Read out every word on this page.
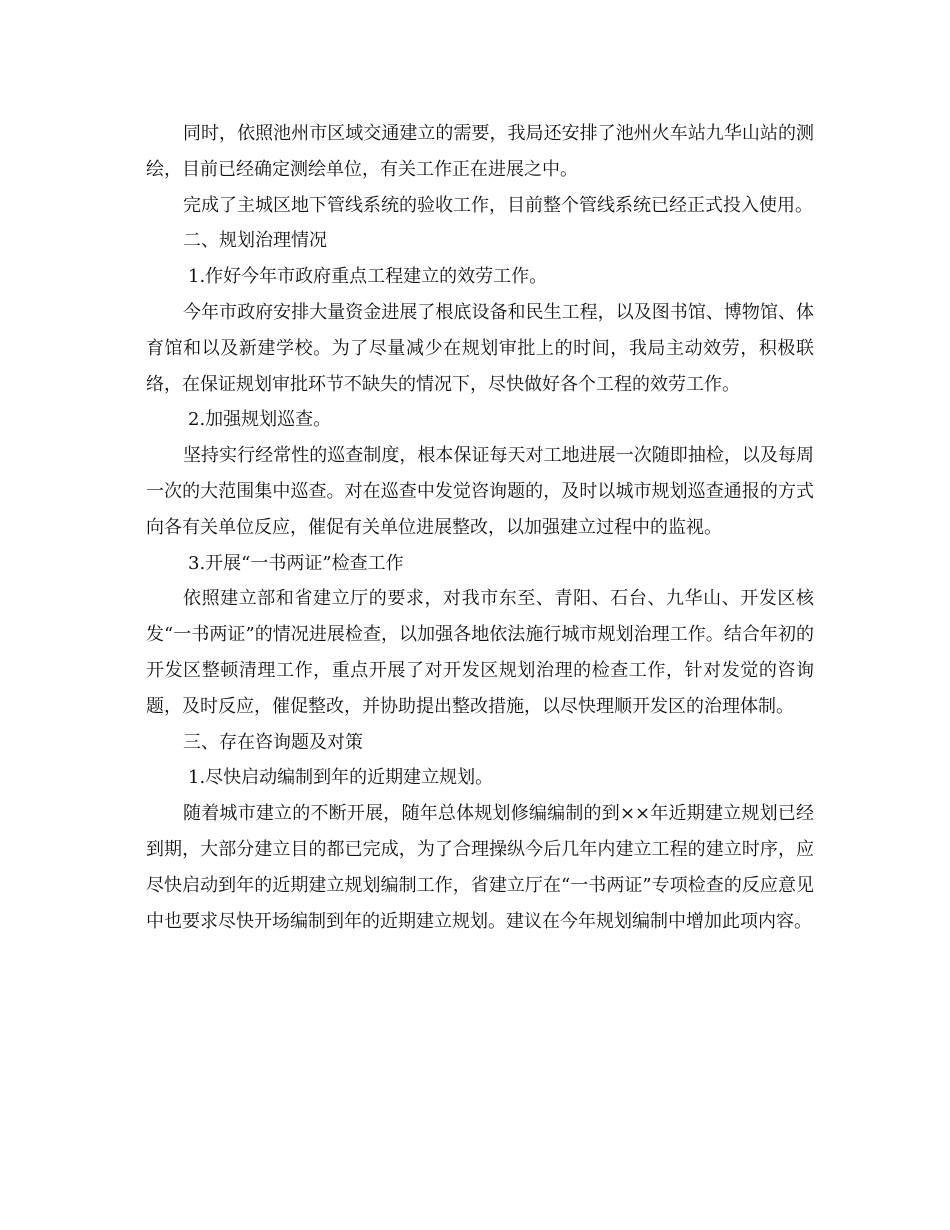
同时，依照池州市区域交通建立的需要，我局还安排了池州火车站九华山站的测绘，目前已经确定测绘单位，有关工作正在进展之中。

完成了主城区地下管线系统的验收工作，目前整个管线系统已经正式投入使用。

二、规划治理情况

1.作好今年市政府重点工程建立的效劳工作。

今年市政府安排大量资金进展了根底设备和民生工程，以及图书馆、博物馆、体育馆和以及新建学校。为了尽量减少在规划审批上的时间，我局主动效劳，积极联络，在保证规划审批环节不缺失的情况下，尽快做好各个工程的效劳工作。

2.加强规划巡查。

坚持实行经常性的巡查制度，根本保证每天对工地进展一次随即抽检，以及每周一次的大范围集中巡查。对在巡查中发觉咨询题的，及时以城市规划巡查通报的方式向各有关单位反应，催促有关单位进展整改，以加强建立过程中的监视。

3.开展“一书两证”检查工作

依照建立部和省建立厅的要求，对我市东至、青阳、石台、九华山、开发区核发“一书两证”的情况进展检查，以加强各地依法施行城市规划治理工作。结合年初的开发区整顿清理工作，重点开展了对开发区规划治理的检查工作，针对发觉的咨询题，及时反应，催促整改，并协助提出整改措施，以尽快理顺开发区的治理体制。

三、存在咨询题及对策

1.尽快启动编制到年的近期建立规划。

随着城市建立的不断开展，随年总体规划修编编制的到××年近期建立规划已经到期，大部分建立目的都已完成，为了合理操纵今后几年内建立工程的建立时序，应尽快启动到年的近期建立规划编制工作，省建立厅在“一书两证”专项检查的反应意见中也要求尽快开场编制到年的近期建立规划。建议在今年规划编制中增加此项内容。
